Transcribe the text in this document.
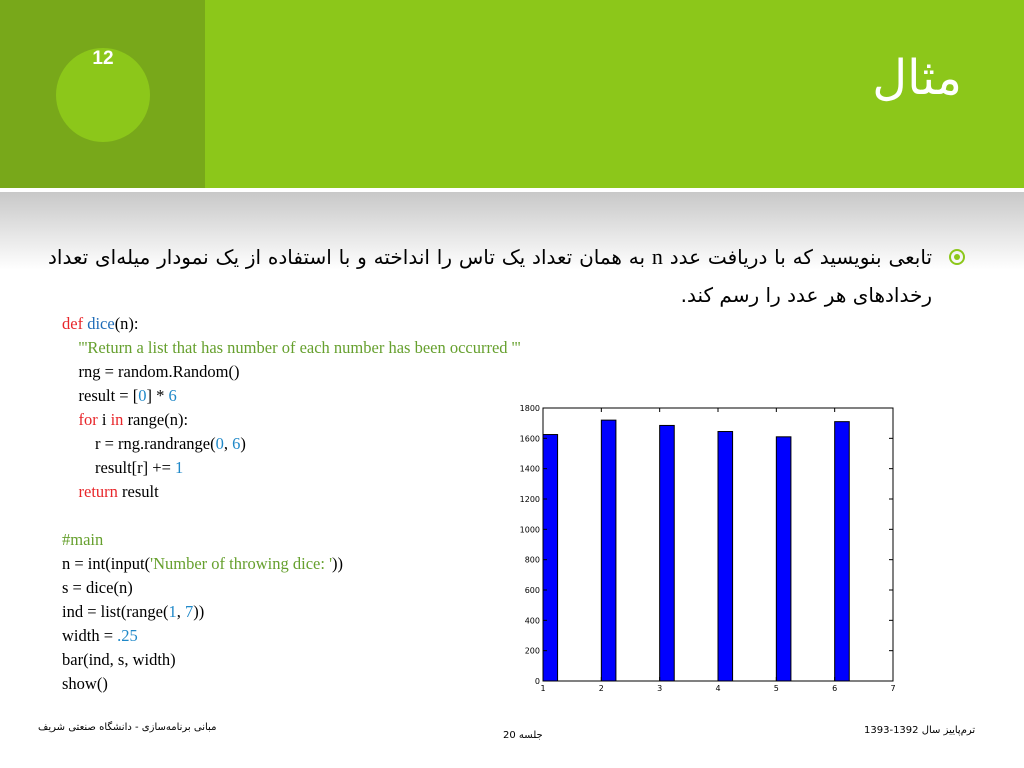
12	مثال
تابعی بنویسید که با دریافت عدد n به همان تعداد یک تاس را انداخته و با استفاده از یک نمودار میله‌ای تعداد رخدادهای هر عدد را رسم کند.
def dice(n):
'''Return a list that has number of each number has been occurred '''
rng = random.Random()
result = [0] * 6
for i in range(n):
r = rng.randrange(0, 6)
result[r] += 1
return result
#main
n = int(input('Number of throwing dice: '))
s = dice(n)
ind = list(range(1, 7))
width = .25
bar(ind, s, width)
show()	0
200
400
600
800
1000
1200
1400
1600
1800
1	2	3	4	5	6	7
مبانی برنامه‌سازی - دانشگاه صنعتی شریف
جلسه 20	ترم‌پاییز سال 1392-1393
